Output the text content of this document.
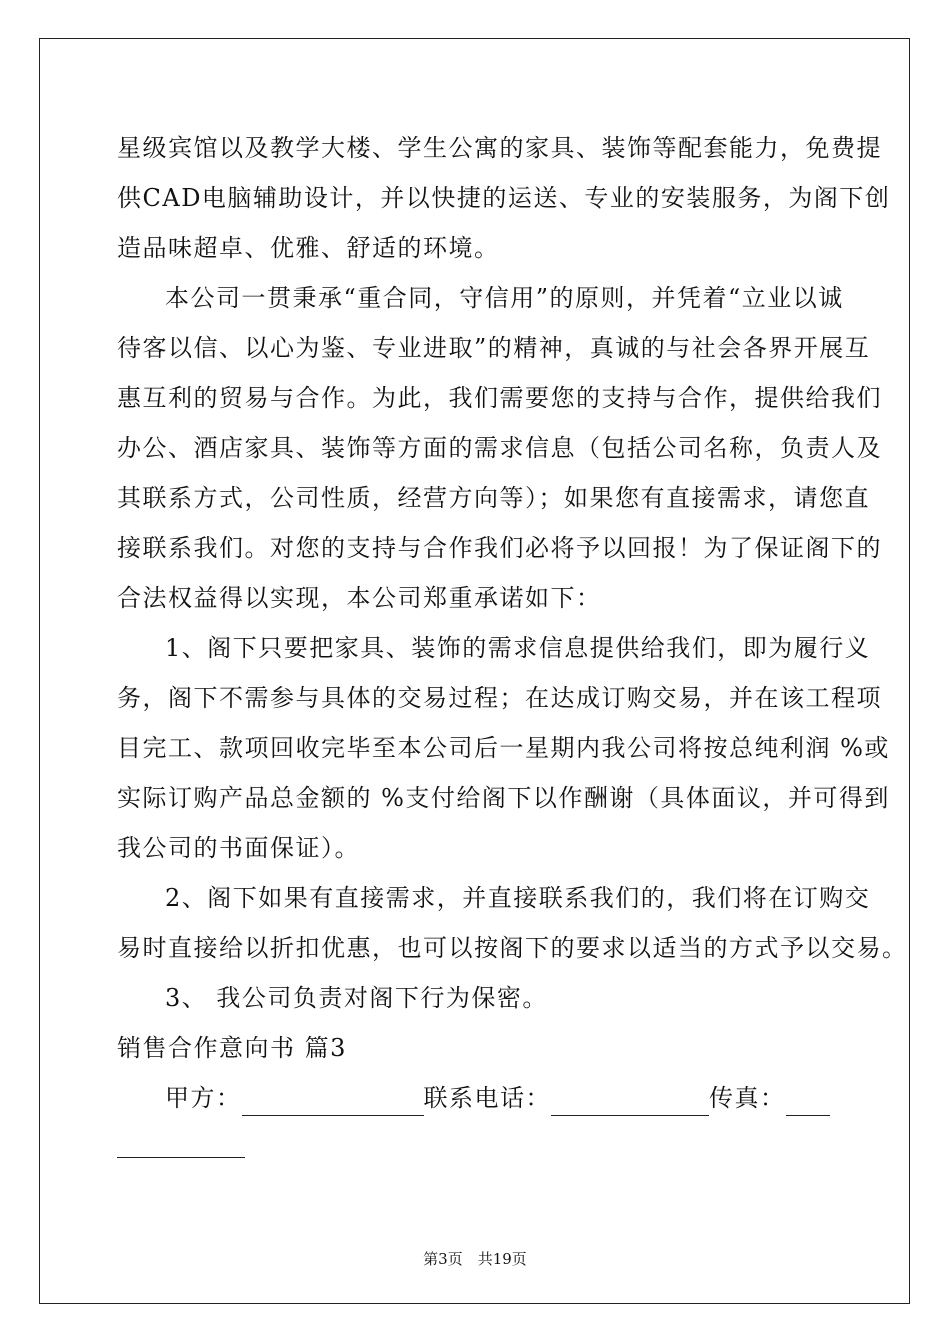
星级宾馆以及教学大楼、学生公寓的家具、装饰等配套能力，免费提
供CAD电脑辅助设计，并以快捷的运送、专业的安装服务，为阁下创
造品味超卓、优雅、舒适的环境。
本公司一贯秉承“重合同，守信用”的原则，并凭着“立业以诚
待客以信、以心为鉴、专业进取”的精神，真诚的与社会各界开展互
惠互利的贸易与合作。为此，我们需要您的支持与合作，提供给我们
办公、酒店家具、装饰等方面的需求信息（包括公司名称，负责人及
其联系方式，公司性质，经营方向等）；如果您有直接需求，请您直
接联系我们。对您的支持与合作我们必将予以回报！为了保证阁下的
合法权益得以实现，本公司郑重承诺如下：
1、阁下只要把家具、装饰的需求信息提供给我们，即为履行义
务，阁下不需参与具体的交易过程；在达成订购交易，并在该工程项
目完工、款项回收完毕至本公司后一星期内我公司将按总纯利润 %或
实际订购产品总金额的 %支付给阁下以作酬谢（具体面议，并可得到
我公司的书面保证）。
2、阁下如果有直接需求，并直接联系我们的，我们将在订购交
易时直接给以折扣优惠，也可以按阁下的要求以适当的方式予以交易。
3、 我公司负责对阁下行为保密。
销售合作意向书 篇3
甲方：	联系电话：	传真：
第3页　共19页
